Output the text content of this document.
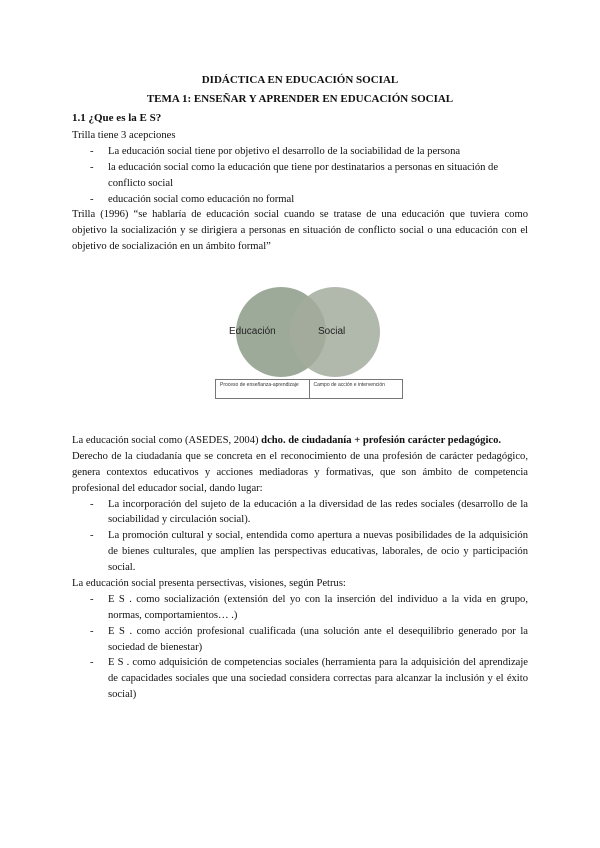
DIDÁCTICA EN EDUCACIÓN SOCIAL
TEMA 1: ENSEÑAR Y APRENDER EN EDUCACIÓN SOCIAL
1.1 ¿Que es la E S?

Trilla tiene 3 acepciones

- La educación social tiene por objetivo el desarrollo de la sociabilidad de la persona
- la educación social como la educación que tiene por destinatarios a personas en situación de conflicto social
- educación social como educación no formal

Trilla (1996) “se hablaría de educación social cuando se tratase de una educación que tuviera como objetivo la socialización y se dirigiera a personas en situación de conflicto social o una educación con el objetivo de socialización en un ámbito formal”

Educación	Social
Proceso de enseñanza-aprendizaje	Campo de acción e intervención

La educación social como (ASEDES, 2004) dcho. de ciudadanía + profesión carácter pedagógico.

Derecho de la ciudadanía que se concreta en el reconocimiento de una profesión de carácter pedagógico, genera contextos educativos y acciones mediadoras y formativas, que son ámbito de competencia profesional del educador social, dando lugar:

- La incorporación del sujeto de la educación a la diversidad de las redes sociales (desarrollo de la sociabilidad y circulación social).
- La promoción cultural y social, entendida como apertura a nuevas posibilidades de la adquisición de bienes culturales, que amplíen las perspectivas educativas, laborales, de ocio y participación social.

La educación social presenta persectivas, visiones, según Petrus:

- E S . como socialización (extensión del yo con la inserción del individuo a la vida en grupo, normas, comportamientos… .)
- E S . como acción profesional cualificada (una solución ante el desequilibrio generado por la sociedad de bienestar)
- E S . como adquisición de competencias sociales (herramienta para la adquisición del aprendizaje de capacidades sociales que una sociedad considera correctas para alcanzar la inclusión y el éxito social)
